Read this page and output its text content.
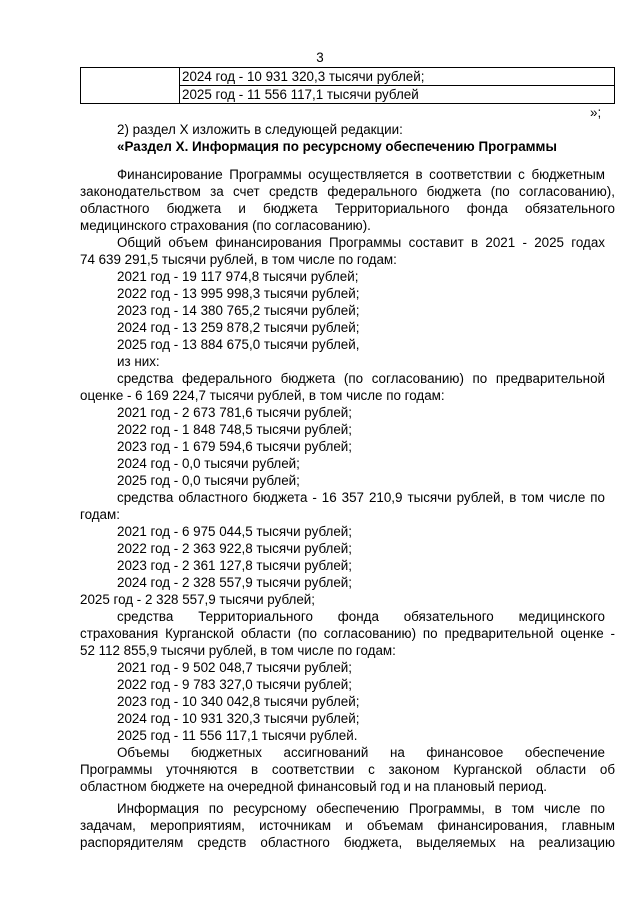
3
	2024 год - 10 931 320,3 тысячи рублей;
2025 год - 11 556 117,1 тысячи рублей
»;
2) раздел X изложить в следующей редакции:
«Раздел X. Информация по ресурсному обеспечению Программы
Финансирование Программы осуществляется в соответствии с бюджетным
законодательством за счет средств федерального бюджета (по согласованию),
областного бюджета и бюджета Территориального фонда обязательного
медицинского страхования (по согласованию).
Общий объем финансирования Программы составит в 2021 - 2025 годах
74 639 291,5 тысячи рублей, в том числе по годам:
2021 год - 19 117 974,8 тысячи рублей;
2022 год - 13 995 998,3 тысячи рублей;
2023 год - 14 380 765,2 тысячи рублей;
2024 год - 13 259 878,2 тысячи рублей;
2025 год - 13 884 675,0 тысячи рублей,
из них:
средства федерального бюджета (по согласованию) по предварительной
оценке - 6 169 224,7 тысячи рублей, в том числе по годам:
2021 год - 2 673 781,6 тысячи рублей;
2022 год - 1 848 748,5 тысячи рублей;
2023 год - 1 679 594,6 тысячи рублей;
2024 год - 0,0 тысячи рублей;
2025 год - 0,0 тысячи рублей;
средства областного бюджета - 16 357 210,9 тысячи рублей, в том числе по
годам:
2021 год - 6 975 044,5 тысячи рублей;
2022 год - 2 363 922,8 тысячи рублей;
2023 год - 2 361 127,8 тысячи рублей;
2024 год - 2 328 557,9 тысячи рублей;
2025 год - 2 328 557,9 тысячи рублей;
средства Территориального фонда обязательного медицинского
страхования Курганской области (по согласованию) по предварительной оценке -
52 112 855,9 тысячи рублей, в том числе по годам:
2021 год - 9 502 048,7 тысячи рублей;
2022 год - 9 783 327,0 тысячи рублей;
2023 год - 10 340 042,8 тысячи рублей;
2024 год - 10 931 320,3 тысячи рублей;
2025 год - 11 556 117,1 тысячи рублей.
Объемы бюджетных ассигнований на финансовое обеспечение
Программы уточняются в соответствии с законом Курганской области об
областном бюджете на очередной финансовый год и на плановый период.
Информация по ресурсному обеспечению Программы, в том числе по
задачам, мероприятиям, источникам и объемам финансирования, главным
распорядителям средств областного бюджета, выделяемых на реализацию
